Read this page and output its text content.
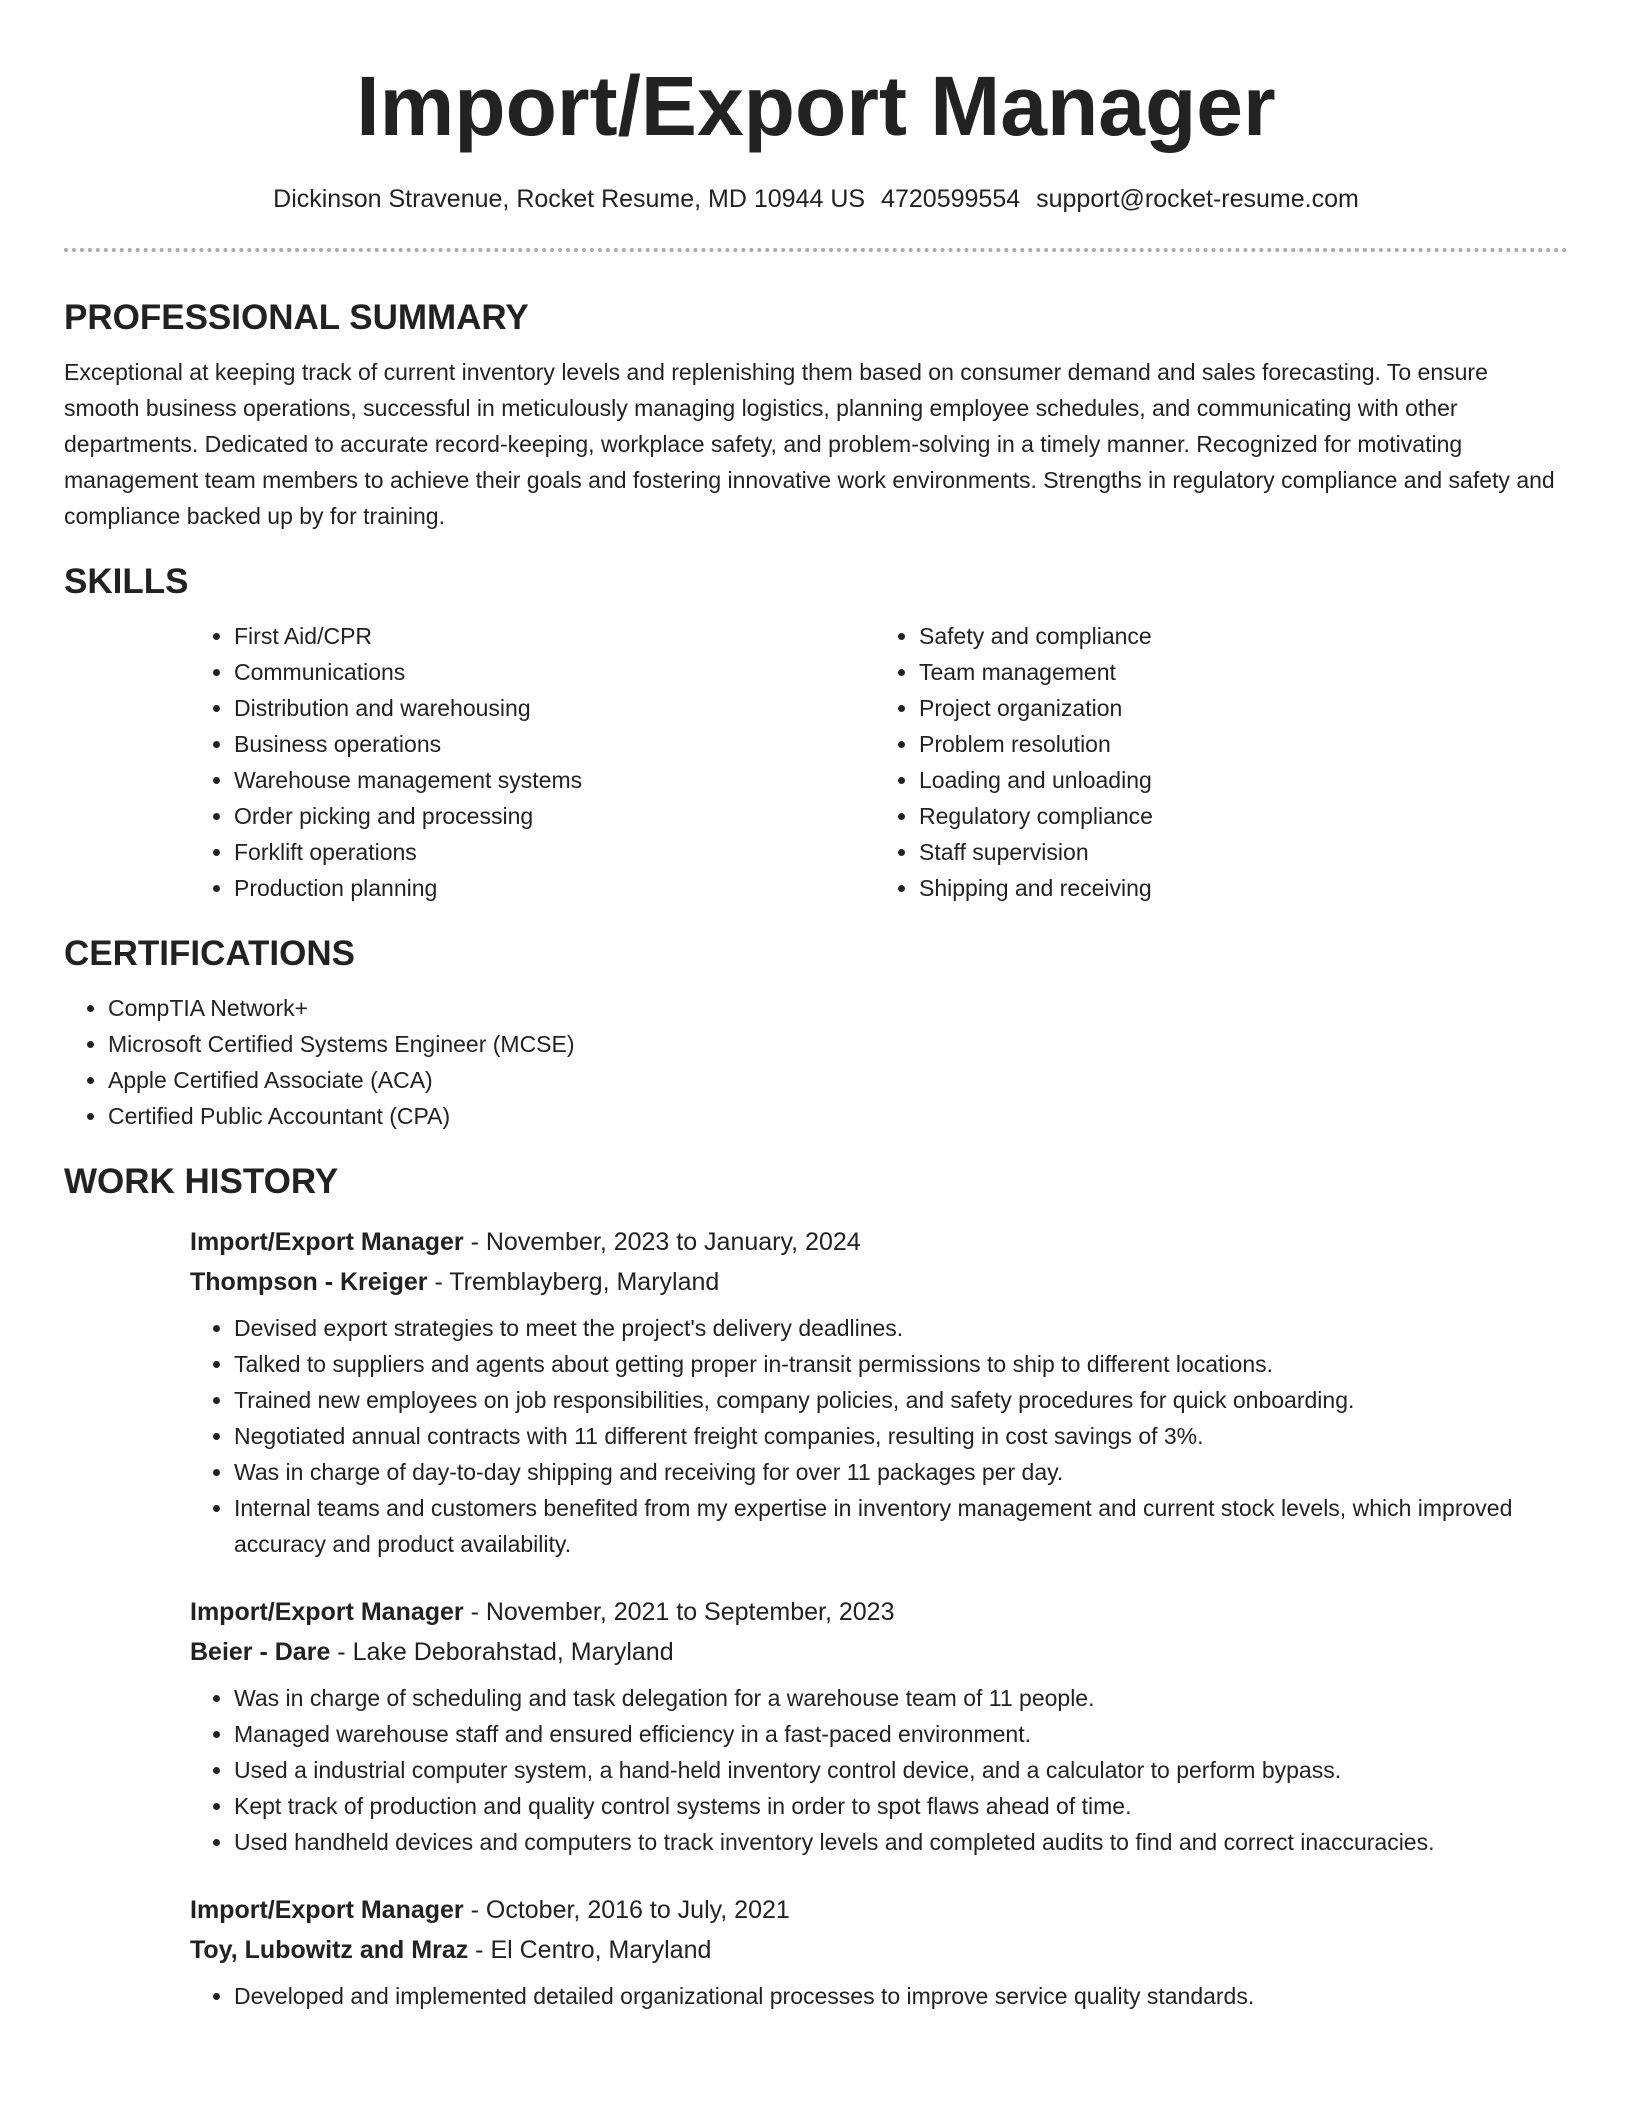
Import/Export Manager
Dickinson Stravenue, Rocket Resume, MD 10944 US 4720599554 support@rocket-resume.com
PROFESSIONAL SUMMARY

Exceptional at keeping track of current inventory levels and replenishing them based on consumer demand and sales forecasting. To ensure smooth business operations, successful in meticulously managing logistics, planning employee schedules, and communicating with other departments. Dedicated to accurate record-keeping, workplace safety, and problem-solving in a timely manner. Recognized for motivating management team members to achieve their goals and fostering innovative work environments. Strengths in regulatory compliance and safety and compliance backed up by for training.

SKILLS
• First Aid/CPR
• Communications
• Distribution and warehousing
• Business operations
• Warehouse management systems
• Order picking and processing
• Forklift operations
• Production planning
• Safety and compliance
• Team management
• Project organization
• Problem resolution
• Loading and unloading
• Regulatory compliance
• Staff supervision
• Shipping and receiving
CERTIFICATIONS
• CompTIA Network+
• Microsoft Certified Systems Engineer (MCSE)
• Apple Certified Associate (ACA)
• Certified Public Accountant (CPA)
WORK HISTORY
Import/Export Manager - November, 2023 to January, 2024
Thompson - Kreiger - Tremblayberg, Maryland
• Devised export strategies to meet the project's delivery deadlines.
• Talked to suppliers and agents about getting proper in-transit permissions to ship to different locations.
• Trained new employees on job responsibilities, company policies, and safety procedures for quick onboarding.
• Negotiated annual contracts with 11 different freight companies, resulting in cost savings of 3%.
• Was in charge of day-to-day shipping and receiving for over 11 packages per day.
• Internal teams and customers benefited from my expertise in inventory management and current stock levels, which improved accuracy and product availability.
Import/Export Manager - November, 2021 to September, 2023
Beier - Dare - Lake Deborahstad, Maryland
• Was in charge of scheduling and task delegation for a warehouse team of 11 people.
• Managed warehouse staff and ensured efficiency in a fast-paced environment.
• Used a industrial computer system, a hand-held inventory control device, and a calculator to perform bypass.
• Kept track of production and quality control systems in order to spot flaws ahead of time.
• Used handheld devices and computers to track inventory levels and completed audits to find and correct inaccuracies.
Import/Export Manager - October, 2016 to July, 2021
Toy, Lubowitz and Mraz - El Centro, Maryland
• Developed and implemented detailed organizational processes to improve service quality standards.
